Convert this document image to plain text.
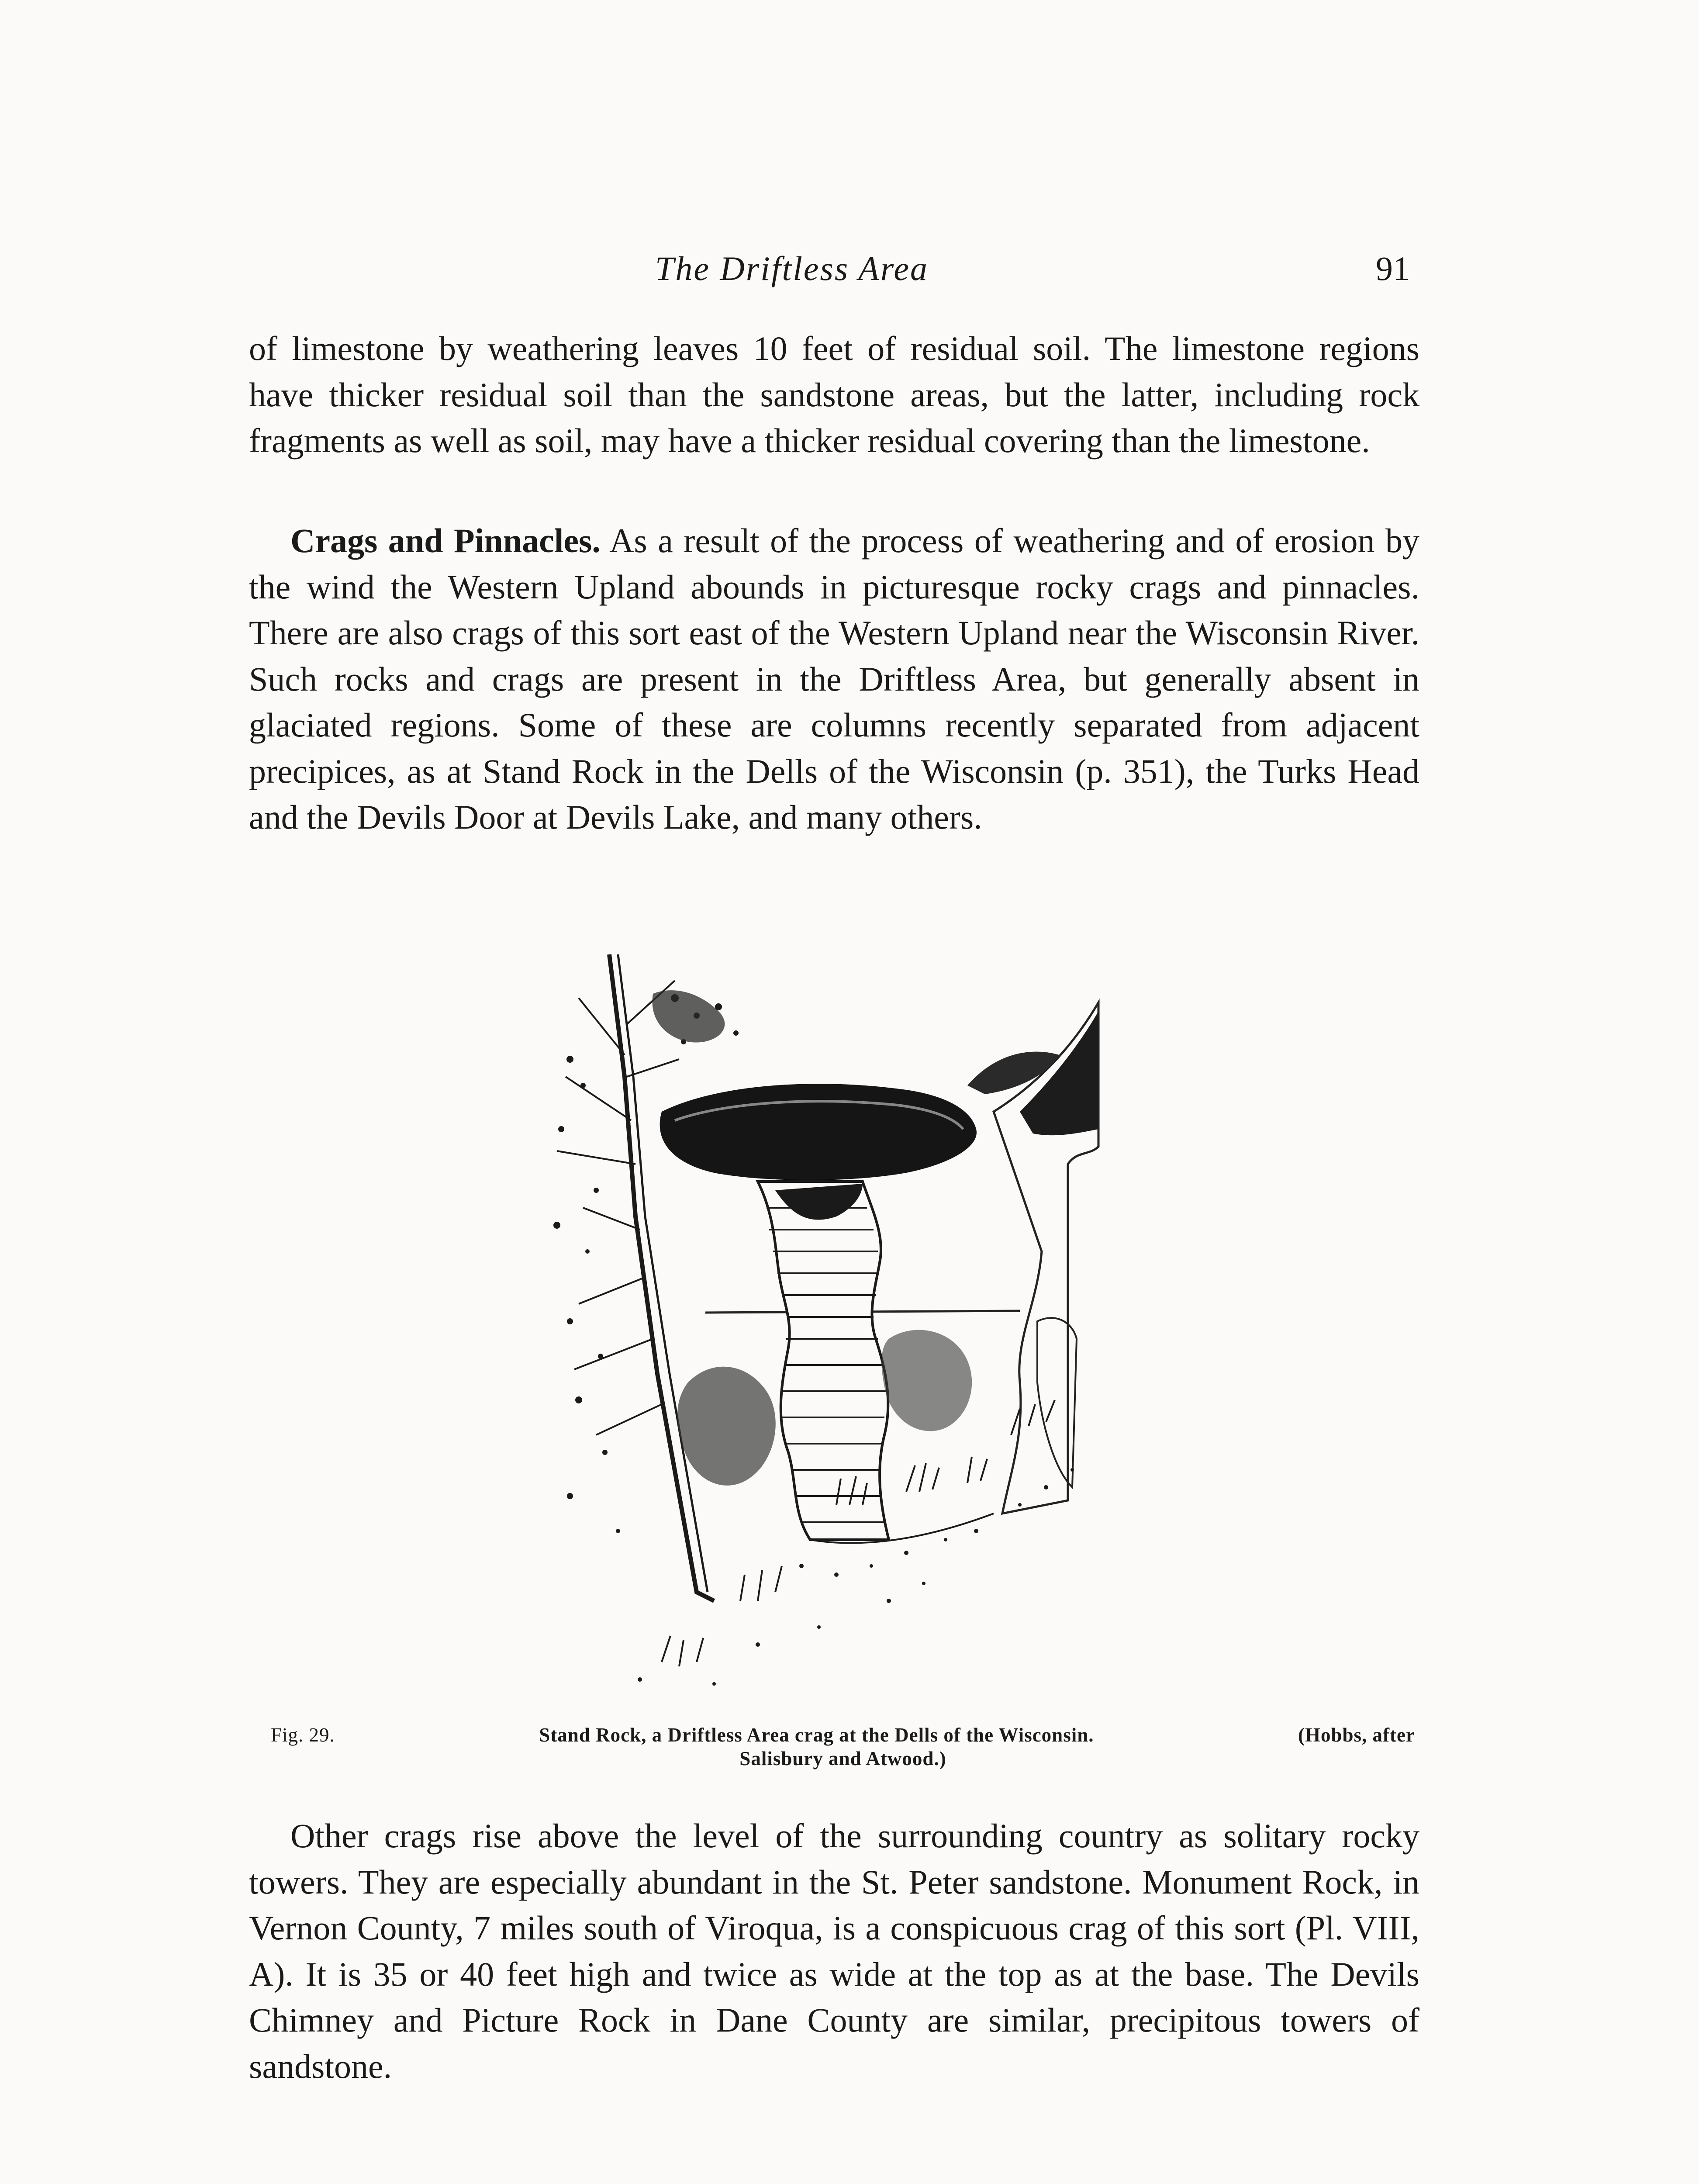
The Driftless Area	91

of limestone by weathering leaves 10 feet of residual soil. The limestone regions have thicker residual soil than the sandstone areas, but the latter, including rock fragments as well as soil, may have a thicker residual covering than the limestone.

Crags and Pinnacles. As a result of the process of weathering and of erosion by the wind the Western Upland abounds in picturesque rocky crags and pinnacles. There are also crags of this sort east of the Western Upland near the Wisconsin River. Such rocks and crags are present in the Driftless Area, but generally absent in glaciated regions. Some of these are columns recently separated from adjacent precipices, as at Stand Rock in the Dells of the Wisconsin (p. 351), the Turks Head and the Devils Door at Devils Lake, and many others.

Fig. 29.	Stand Rock, a Driftless Area crag at the Dells of the Wisconsin.	(Hobbs, after
Salisbury and Atwood.)

Other crags rise above the level of the surrounding country as solitary rocky towers. They are especially abundant in the St. Peter sandstone. Monument Rock, in Vernon County, 7 miles south of Viroqua, is a conspicuous crag of this sort (Pl. VIII, A). It is 35 or 40 feet high and twice as wide at the top as at the base. The Devils Chimney and Picture Rock in Dane County are similar, precipitous towers of sandstone.
